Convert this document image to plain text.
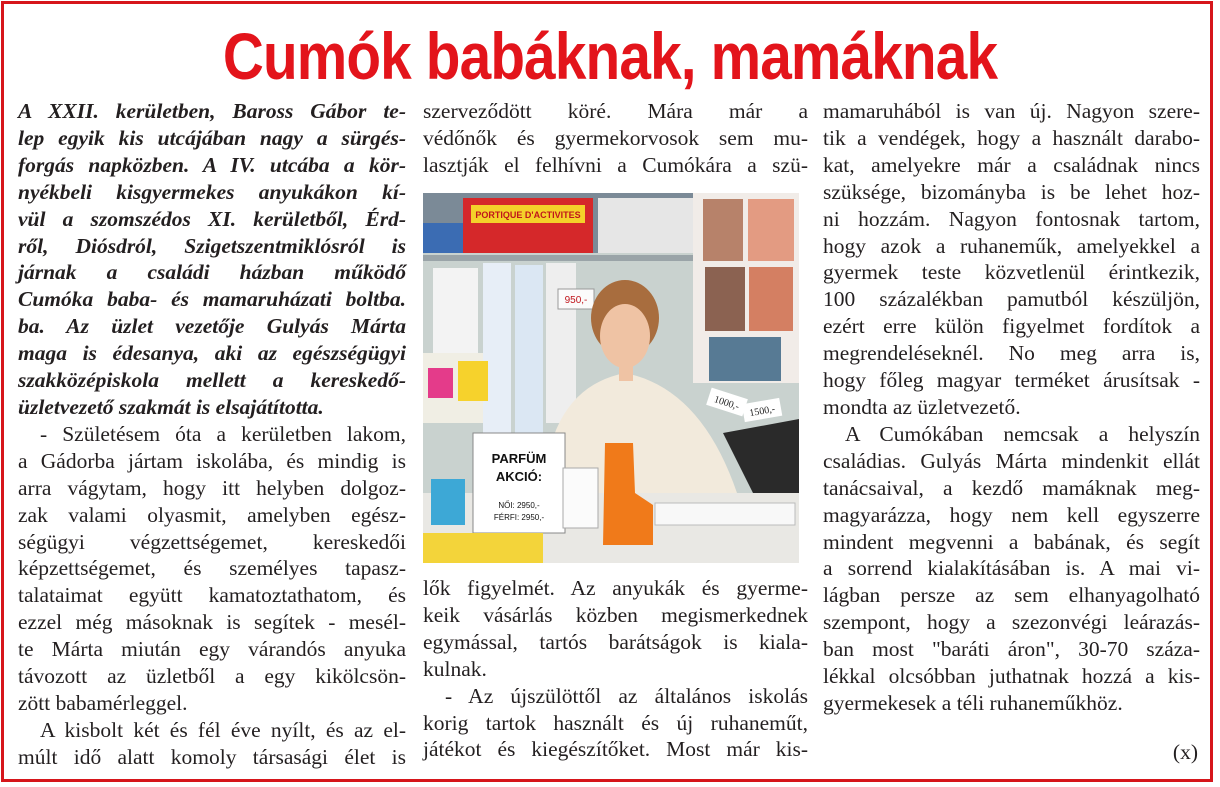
Cumók babáknak, mamáknak
A XXII. kerületben, Baross Gábor te-
lep egyik kis utcájában nagy a sürgés-
forgás napközben. A IV. utcába a kör-
nyékbeli kisgyermekes anyukákon kí-
vül a szomszédos XI. kerületből, Érd-
ről, Diósdról, Szigetszentmiklósról is
járnak a családi házban működő
Cumóka baba- és mamaruházati boltba.
ba. Az üzlet vezetője Gulyás Márta
maga is édesanya, aki az egészségügyi
szakközépiskola mellett a kereskedő-
üzletvezető szakmát is elsajátította.
- Születésem óta a kerületben lakom,
a Gádorba jártam iskolába, és mindig is
arra vágytam, hogy itt helyben dolgoz-
zak valami olyasmit, amelyben egész-
ségügyi végzettségemet, kereskedői
képzettségemet, és személyes tapasz-
talataimat együtt kamatoztathatom, és
ezzel még másoknak is segítek - mesél-
te Márta miután egy várandós anyuka
távozott az üzletből a egy kikölcsön-
zött babamérleggel.
A kisbolt két és fél éve nyílt, és az el-
múlt idő alatt komoly társasági élet is
szerveződött köré. Mára már a
védőnők és gyermekorvosok sem mu-
lasztják el felhívni a Cumókára a szü-
PORTIQUE D'ACTIVITES
950,-
1000,- 1500,-
PARFÜM
AKCIÓ:
NŐI: 2950,-
FÉRFI: 2950,-
lők figyelmét. Az anyukák és gyerme-
keik vásárlás közben megismerkednek
egymással, tartós barátságok is kiala-
kulnak.
- Az újszülöttől az általános iskolás
korig tartok használt és új ruhaneműt,
játékot és kiegészítőket. Most már kis-
mamaruhából is van új. Nagyon szere-
tik a vendégek, hogy a használt darabo-
kat, amelyekre már a családnak nincs
szüksége, bizományba is be lehet hoz-
ni hozzám. Nagyon fontosnak tartom,
hogy azok a ruhaneműk, amelyekkel a
gyermek teste közvetlenül érintkezik,
100 százalékban pamutból készüljön,
ezért erre külön figyelmet fordítok a
megrendeléseknél. No meg arra is,
hogy főleg magyar terméket árusítsak -
mondta az üzletvezető.
A Cumókában nemcsak a helyszín
családias. Gulyás Márta mindenkit ellát
tanácsaival, a kezdő mamáknak meg-
magyarázza, hogy nem kell egyszerre
mindent megvenni a babának, és segít
a sorrend kialakításában is. A mai vi-
lágban persze az sem elhanyagolható
szempont, hogy a szezonvégi leárazás-
ban most "baráti áron", 30-70 száza-
lékkal olcsóbban juthatnak hozzá a kis-
gyermekesek a téli ruhaneműkhöz.
(x)
